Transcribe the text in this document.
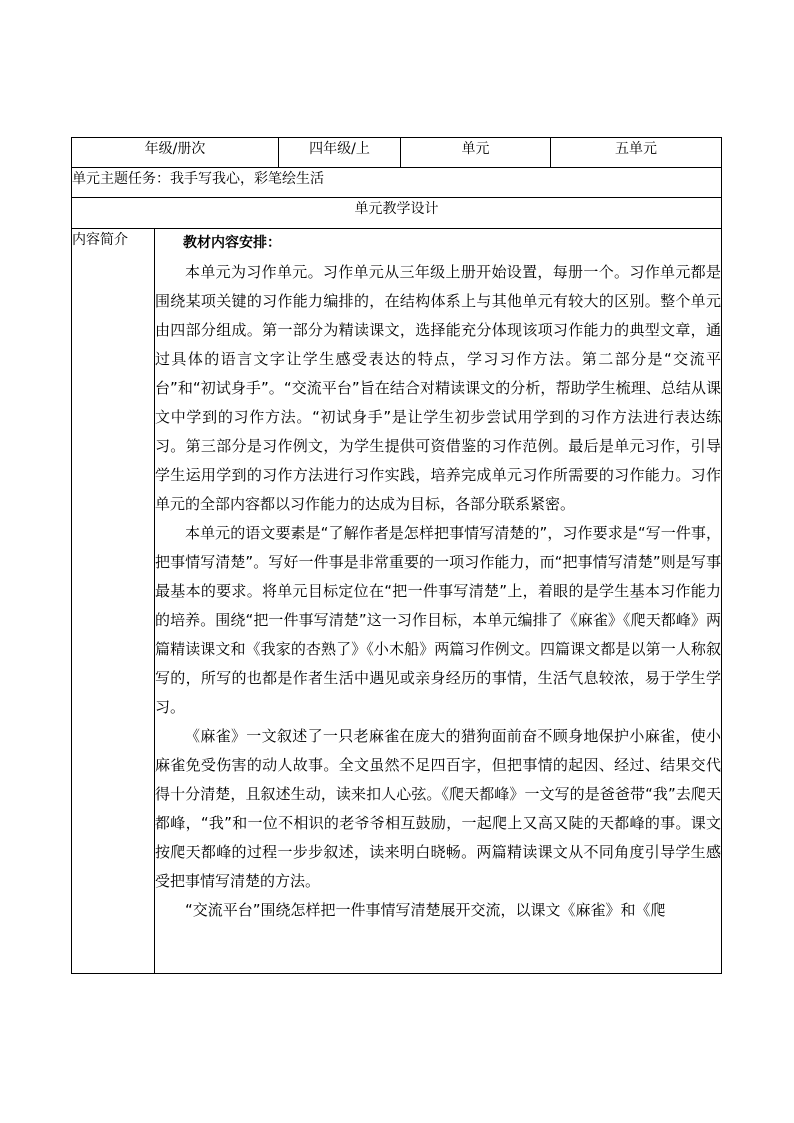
年级/册次		四年级/上	单元	五单元
单元主题任务：我手写我心，彩笔绘生活				
单元教学设计				
内容简介	教材内容安排：

本单元为习作单元。习作单元从三年级上册开始设置，每册一个。习作单元都是围绕某项关键的习作能力编排的，在结构体系上与其他单元有较大的区别。整个单元由四部分组成。第一部分为精读课文，选择能充分体现该项习作能力的典型文章，通过具体的语言文字让学生感受表达的特点，学习习作方法。第二部分是“交流平台”和“初试身手”。“交流平台”旨在结合对精读课文的分析，帮助学生梳理、总结从课文中学到的习作方法。“初试身手”是让学生初步尝试用学到的习作方法进行表达练习。第三部分是习作例文，为学生提供可资借鉴的习作范例。最后是单元习作，引导学生运用学到的习作方法进行习作实践，培养完成单元习作所需要的习作能力。习作单元的全部内容都以习作能力的达成为目标，各部分联系紧密。

本单元的语文要素是“了解作者是怎样把事情写清楚的”，习作要求是“写一件事，把事情写清楚”。写好一件事是非常重要的一项习作能力，而“把事情写清楚”则是写事最基本的要求。将单元目标定位在“把一件事写清楚”上，着眼的是学生基本习作能力的培养。围绕“把一件事写清楚”这一习作目标，本单元编排了《麻雀》《爬天都峰》两篇精读课文和《我家的杏熟了》《小木船》两篇习作例文。四篇课文都是以第一人称叙写的，所写的也都是作者生活中遇见或亲身经历的事情，生活气息较浓，易于学生学习。

《麻雀》一文叙述了一只老麻雀在庞大的猎狗面前奋不顾身地保护小麻雀，使小麻雀免受伤害的动人故事。全文虽然不足四百字，但把事情的起因、经过、结果交代得十分清楚，且叙述生动，读来扣人心弦。《爬天都峰》一文写的是爸爸带“我”去爬天都峰，“我”和一位不相识的老爷爷相互鼓励，一起爬上又高又陡的天都峰的事。课文按爬天都峰的过程一步步叙述，读来明白晓畅。两篇精读课文从不同角度引导学生感受把事情写清楚的方法。

“交流平台”围绕怎样把一件事情写清楚展开交流，以课文《麻雀》和《爬			
